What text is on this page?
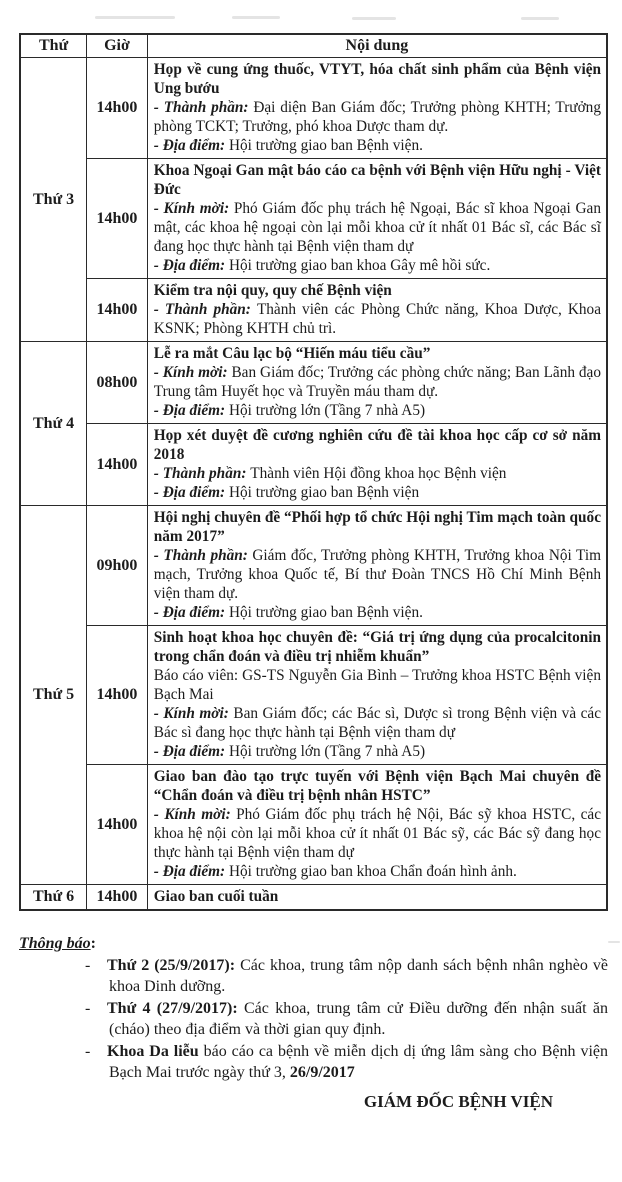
Thứ	Giờ	Nội dung
Thứ 3	14h00	Họp về cung ứng thuốc, VTYT, hóa chất sinh phẩm của Bệnh viện Ung bướu
- Thành phần: Đại diện Ban Giám đốc; Trưởng phòng KHTH; Trưởng phòng TCKT; Trưởng, phó khoa Dược tham dự.
- Địa điểm: Hội trường giao ban Bệnh viện.

	14h00	Khoa Ngoại Gan mật báo cáo ca bệnh với Bệnh viện Hữu nghị - Việt Đức
- Kính mời: Phó Giám đốc phụ trách hệ Ngoại, Bác sĩ khoa Ngoại Gan mật, các khoa hệ ngoại còn lại mỗi khoa cử ít nhất 01 Bác sĩ, các Bác sĩ đang học thực hành tại Bệnh viện tham dự
- Địa điểm: Hội trường giao ban khoa Gây mê hồi sức.

	14h00	Kiểm tra nội quy, quy chế Bệnh viện
- Thành phần: Thành viên các Phòng Chức năng, Khoa Dược, Khoa KSNK; Phòng KHTH chủ trì.

Thứ 4	08h00	Lễ ra mắt Câu lạc bộ “Hiến máu tiểu cầu”
- Kính mời: Ban Giám đốc; Trưởng các phòng chức năng; Ban Lãnh đạo Trung tâm Huyết học và Truyền máu tham dự.
- Địa điểm: Hội trường lớn (Tầng 7 nhà A5)

	14h00	Họp xét duyệt đề cương nghiên cứu đề tài khoa học cấp cơ sở năm 2018
- Thành phần: Thành viên Hội đồng khoa học Bệnh viện
- Địa điểm: Hội trường giao ban Bệnh viện

Thứ 5	09h00	Hội nghị chuyên đề “Phối hợp tổ chức Hội nghị Tim mạch toàn quốc năm 2017”
- Thành phần: Giám đốc, Trưởng phòng KHTH, Trưởng khoa Nội Tim mạch, Trưởng khoa Quốc tế, Bí thư Đoàn TNCS Hồ Chí Minh Bệnh viện tham dự.
- Địa điểm: Hội trường giao ban Bệnh viện.

	14h00	Sinh hoạt khoa học chuyên đề: “Giá trị ứng dụng của procalcitonin trong chẩn đoán và điều trị nhiễm khuẩn”
Báo cáo viên: GS-TS Nguyễn Gia Bình – Trưởng khoa HSTC Bệnh viện Bạch Mai
- Kính mời: Ban Giám đốc; các Bác sì, Dược sì trong Bệnh viện và các Bác sì đang học thực hành tại Bệnh viện tham dự
- Địa điểm: Hội trường lớn (Tầng 7 nhà A5)

	14h00	Giao ban đào tạo trực tuyến với Bệnh viện Bạch Mai chuyên đề “Chẩn đoán và điều trị bệnh nhân HSTC”
- Kính mời: Phó Giám đốc phụ trách hệ Nội, Bác sỹ khoa HSTC, các khoa hệ nội còn lại mỗi khoa cử ít nhất 01 Bác sỹ, các Bác sỹ đang học thực hành tại Bệnh viện tham dự
- Địa điểm: Hội trường giao ban khoa Chẩn đoán hình ảnh.

Thứ 6	14h00	Giao ban cuối tuần
Thông báo:
- Thứ 2 (25/9/2017): Các khoa, trung tâm nộp danh sách bệnh nhân nghèo về khoa Dinh dưỡng.
- Thứ 4 (27/9/2017): Các khoa, trung tâm cử Điều dưỡng đến nhận suất ăn (cháo) theo địa điểm và thời gian quy định.
- Khoa Da liễu báo cáo ca bệnh về miễn dịch dị ứng lâm sàng cho Bệnh viện Bạch Mai trước ngày thứ 3, 26/9/2017
GIÁM ĐỐC BỆNH VIỆN
